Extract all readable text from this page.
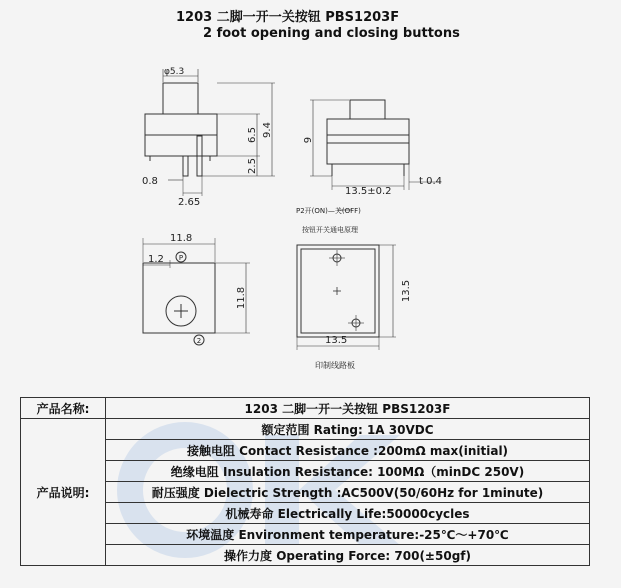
1203 二脚一开一关按钮 PBS1203F
2 foot opening and closing buttons
φ5.3
9.4
6.5
2.5
0.8
2.65
9
13.5±0.2
t 0.4
P2开(ON)—关(OFF)
按钮开关通电原理
11.8
1.2
11.8
P
2
13.5
13.5
印制线路板
产品名称:	1203 二脚一开一关按钮 PBS1203F
产品说明:	额定范围 Rating: 1A 30VDC
	接触电阻 Contact Resistance :200mΩ max(initial)
	绝缘电阻 Insulation Resistance: 100MΩ（minDC 250V)
	耐压强度 Dielectric Strength :AC500V(50/60Hz for 1minute)
	机械寿命 Electrically Life:50000cycles
	环境温度 Environment temperature:-25℃～+70℃
	操作力度 Operating Force: 700(±50gf)
